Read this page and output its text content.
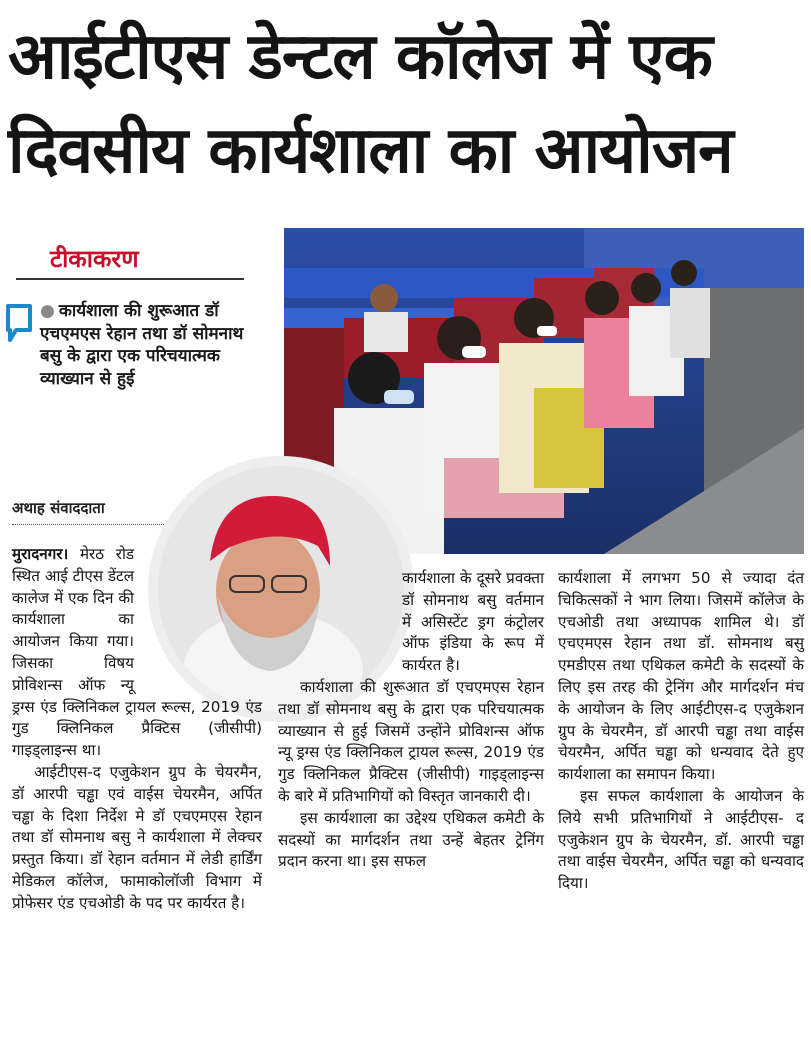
आईटीएस डेन्टल कॉलेज में एक
दिवसीय कार्यशाला का आयोजन
टीकाकरण
● कार्यशाला की शुरूआत डॉ एचएमएस रेहान तथा डॉ सोमनाथ बसु के द्वारा एक परिचयात्मक व्याख्यान से हुई
अथाह संवाददाता

मुरादनगर। मेरठ रोड स्थित आई टीएस डेंटल कालेज में एक दिन की कार्यशाला का आयोजन किया गया। जिसका विषय प्रोविशन्स ऑफ न्यू ड्रग्स एंड क्लिनिकल ट्रायल रूल्स, 2019 एंड गुड क्लिनिकल प्रैक्टिस (जीसीपी) गाइड्लाइन्स था।

आईटीएस-द एजुकेशन ग्रुप के चेयरमैन, डॉ आरपी चड्ढा एवं वाईस चेयरमैन, अर्पित चड्ढा के दिशा निर्देश मे डॉ एचएमएस रेहान तथा डॉ सोमनाथ बसु ने कार्यशाला में लेक्चर प्रस्तुत किया। डॉ रेहान वर्तमान में लेडी हार्डिंग मेडिकल कॉलेज, फामाकोलॉजी विभाग में प्रोफेसर एंड एचओडी के पद पर कार्यरत है।

कार्यशाला के दूसरे प्रवक्ता डॉ सोमनाथ बसु वर्तमान में असिस्टेंट ड्रग कंट्रोलर ऑफ इंडिया के रूप में कार्यरत है।

कार्यशाला की शुरूआत डॉ एचएमएस रेहान तथा डॉ सोमनाथ बसु के द्वारा एक परिचयात्मक व्याख्यान से हुई जिसमें उन्होंने प्रोविशन्स ऑफ न्यू ड्रग्स एंड क्लिनिकल ट्रायल रूल्स, 2019 एंड गुड क्लिनिकल प्रैक्टिस (जीसीपी) गाइड्लाइन्स के बारे में प्रतिभागियों को विस्तृत जानकारी दी।

इस कार्यशाला का उद्देश्य एथिकल कमेटी के सदस्यों का मार्गदर्शन तथा उन्हें बेहतर ट्रेनिंग प्रदान करना था। इस सफल

कार्यशाला में लगभग 50 से ज्यादा दंत चिकित्सकों ने भाग लिया। जिसमें कॉलेज के एचओडी तथा अध्यापक शामिल थे। डॉ एचएमएस रेहान तथा डॉ. सोमनाथ बसु एमडीएस तथा एथिकल कमेटी के सदस्यों के लिए इस तरह की ट्रेनिंग और मार्गदर्शन मंच के आयोजन के लिए आईटीएस-द एजुकेशन ग्रुप के चेयरमैन, डॉ आरपी चड्ढा तथा वाईस चेयरमैन, अर्पित चड्ढा को धन्यवाद देते हुए कार्यशाला का समापन किया।

इस सफल कार्यशाला के आयोजन के लिये सभी प्रतिभागियों ने आईटीएस- द एजुकेशन ग्रुप के चेयरमैन, डॉ. आरपी चड्ढा तथा वाईस चेयरमैन, अर्पित चड्ढा को धन्यवाद दिया।
